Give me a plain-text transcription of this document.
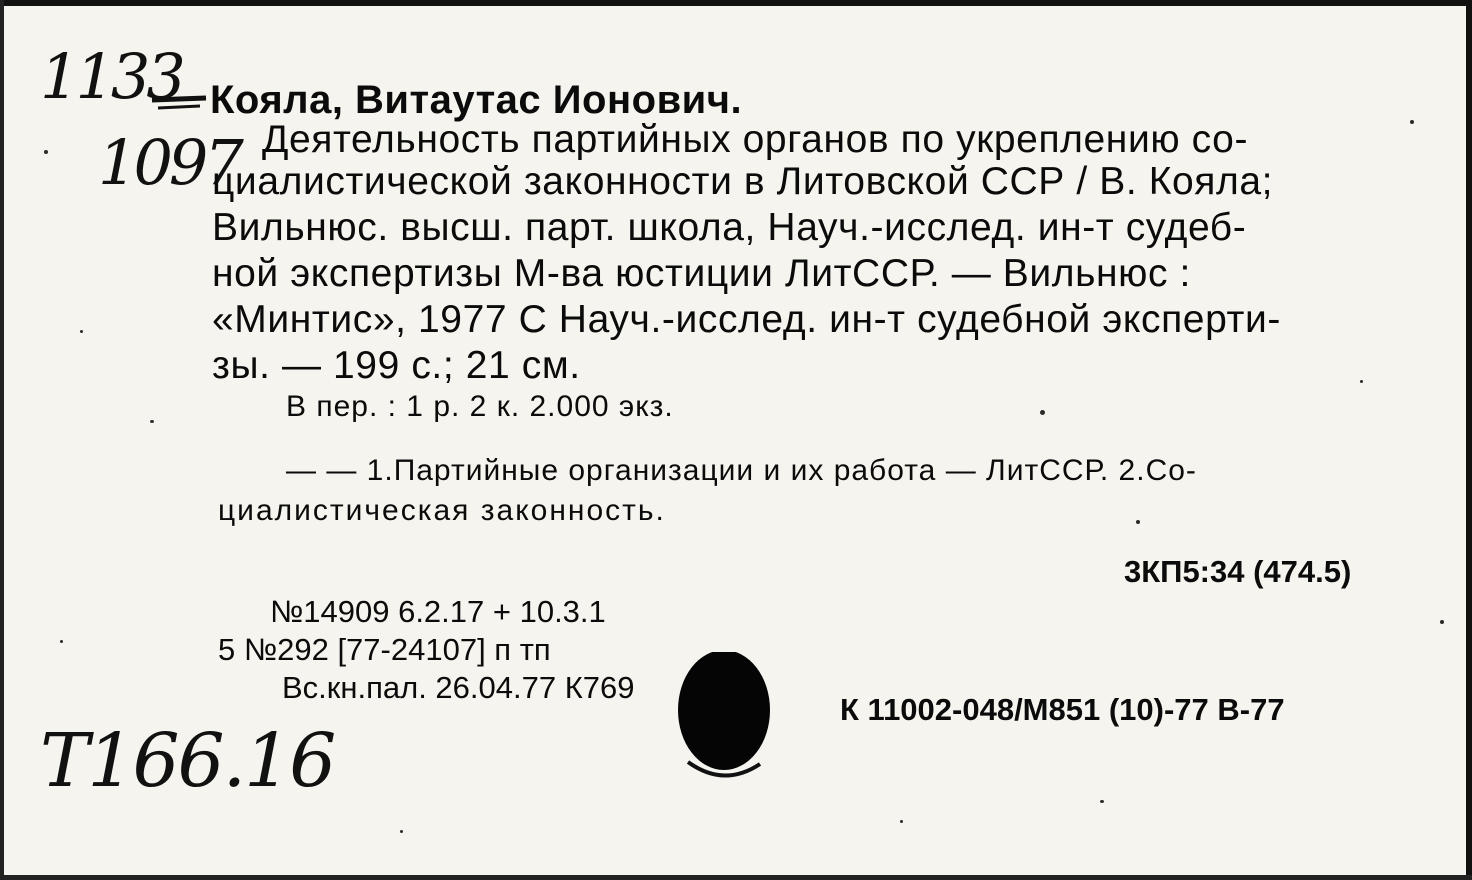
1133
1097
Т166.16
Кояла, Витаутас Ионович.
Деятельность партийных органов по укреплению со-
циалистической законности в Литовской ССР / В. Кояла;
Вильнюс. высш. парт. школа, Науч.-исслед. ин-т судеб-
ной экспертизы М-ва юстиции ЛитССР. — Вильнюс :
«Минтис», 1977 С Науч.-исслед. ин-т судебной эксперти-
зы. — 199 с.; 21 см.
В пер. : 1 р. 2 к. 2.000 экз.
— — 1.Партийные организации и их работа — ЛитССР. 2.Со-
циалистическая законность.
3КП5:34 (474.5)
№14909 6.2.17 + 10.3.1
5 №292 [77-24107] п тп
Вс.кн.пал. 26.04.77 К769
К 11002-048/М851 (10)-77 В-77
